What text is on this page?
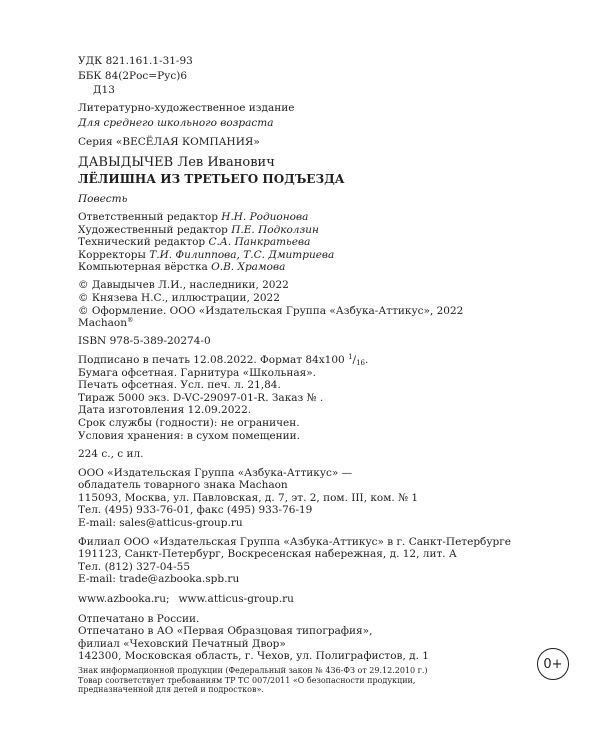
УДК 821.161.1-31-93
ББК 84(2Рос=Рус)6
Д13
Литературно-художественное издание
Для среднего школьного возраста
Серия «ВЕСЁЛАЯ КОМПАНИЯ»
ДАВЫДЫЧЕВ Лев Иванович
ЛЁЛИШНА ИЗ ТРЕТЬЕГО ПОДЪЕЗДА
Повесть
Ответственный редактор Н.Н. Родионова
Художественный редактор П.Е. Подколзин
Технический редактор С.А. Панкратьева
Корректоры Т.И. Филиппова, Т.С. Дмитриева
Компьютерная вёрстка О.В. Храмова
© Давыдычев Л.И., наследники, 2022
© Князева Н.С., иллюстрации, 2022
© Оформление. ООО «Издательская Группа «Азбука-Аттикус», 2022
Machaon®
ISBN 978-5-389-20274-0
Подписано в печать 12.08.2022. Формат 84х100 $^1$/16.
Бумага офсетная. Гарнитура «Школьная».
Печать офсетная. Усл. печ. л. 21,84.
Тираж 5000 экз. D-VC-29097-01-R. Заказ № .
Дата изготовления 12.09.2022.
Срок службы (годности): не ограничен.
Условия хранения: в сухом помещении.
224 с., с ил.
ООО «Издательская Группа «Азбука-Аттикус» —
обладатель товарного знака Machaon
115093, Москва, ул. Павловская, д. 7, эт. 2, пом. III, ком. № 1
Тел. (495) 933-76-01, факс (495) 933-76-19
E-mail: sales@atticus-group.ru
Филиал ООО «Издательская Группа «Азбука-Аттикус» в г. Санкт-Петербурге
191123, Санкт-Петербург, Воскресенская набережная, д. 12, лит. А
Тел. (812) 327-04-55
E-mail: trade@azbooka.spb.ru
www.azbooka.ru; www.atticus-group.ru
Отпечатано в России.
Отпечатано в АО «Первая Образцовая типография»,
филиал «Чеховский Печатный Двор»
142300, Московская область, г. Чехов, ул. Полиграфистов, д. 1
Знак информационной продукции (Федеральный закон № 436-ФЗ от 29.12.2010 г.)
Товар соответствует требованиям ТР ТС 007/2011 «О безопасности продукции,
предназначенной для детей и подростков».
0+
